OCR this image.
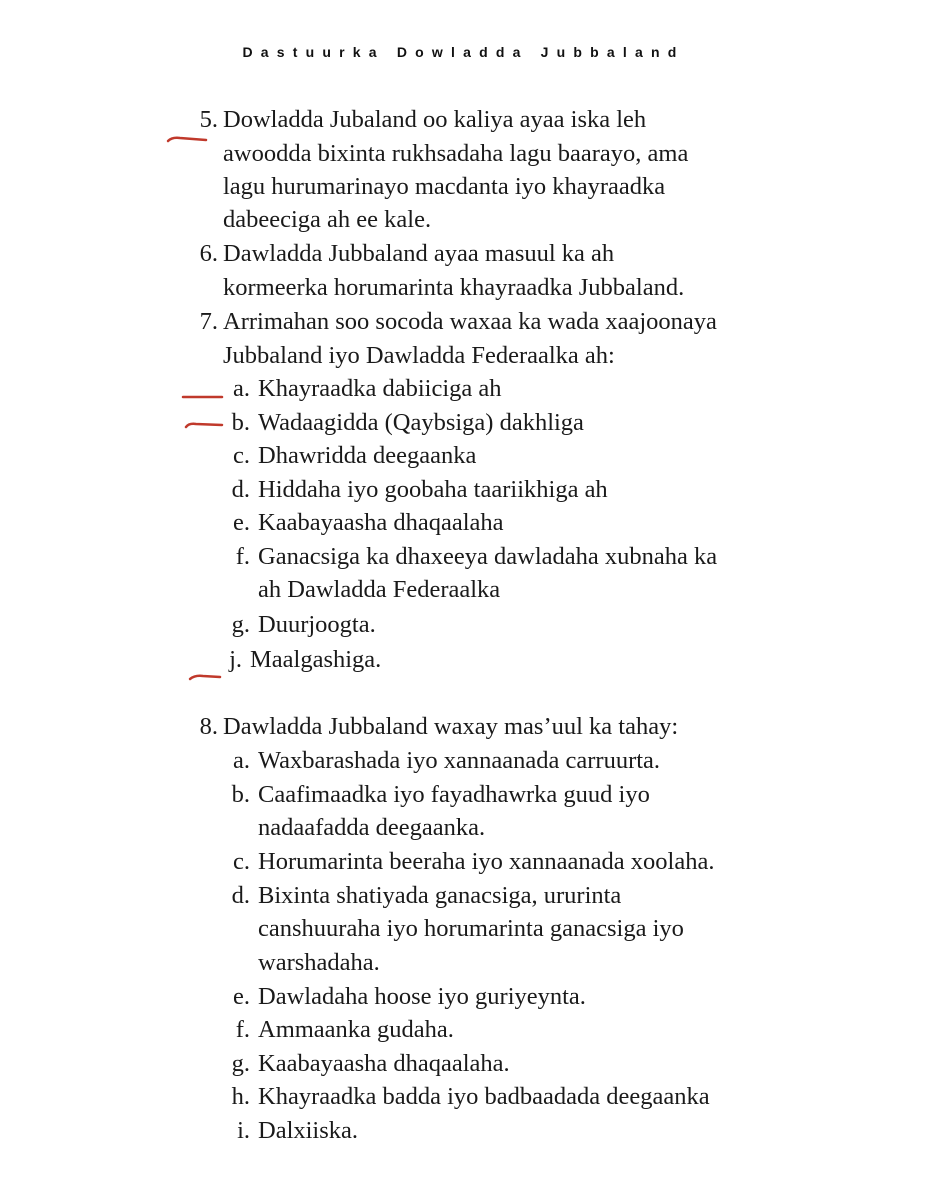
Dastuurka Dowladda Jubbaland
5. Dowladda Jubaland oo kaliya ayaa iska leh
awoodda bixinta rukhsadaha lagu baarayo, ama
lagu hurumarinayo macdanta iyo khayraadka
dabeeciga ah ee kale.
6. Dawladda Jubbaland ayaa masuul ka ah
kormeerka horumarinta khayraadka Jubbaland.
7. Arrimahan soo socoda waxaa ka wada xaajoonaya
Jubbaland iyo Dawladda Federaalka ah:
a. Khayraadka dabiiciga ah
b. Wadaagidda (Qaybsiga) dakhliga
c. Dhawridda deegaanka
d. Hiddaha iyo goobaha taariikhiga ah
e. Kaabayaasha dhaqaalaha
f. Ganacsiga ka dhaxeeya dawladaha xubnaha ka
ah Dawladda Federaalka
g. Duurjoogta.
j. Maalgashiga.
8. Dawladda Jubbaland waxay mas’uul ka tahay:
a. Waxbarashada iyo xannaanada carruurta.
b. Caafimaadka iyo fayadhawrka guud iyo
nadaafadda deegaanka.
c. Horumarinta beeraha iyo xannaanada xoolaha.
d. Bixinta shatiyada ganacsiga, ururinta
canshuuraha iyo horumarinta ganacsiga iyo
warshadaha.
e. Dawladaha hoose iyo guriyeynta.
f. Ammaanka gudaha.
g. Kaabayaasha dhaqaalaha.
h. Khayraadka badda iyo badbaadada deegaanka
i. Dalxiiska.
